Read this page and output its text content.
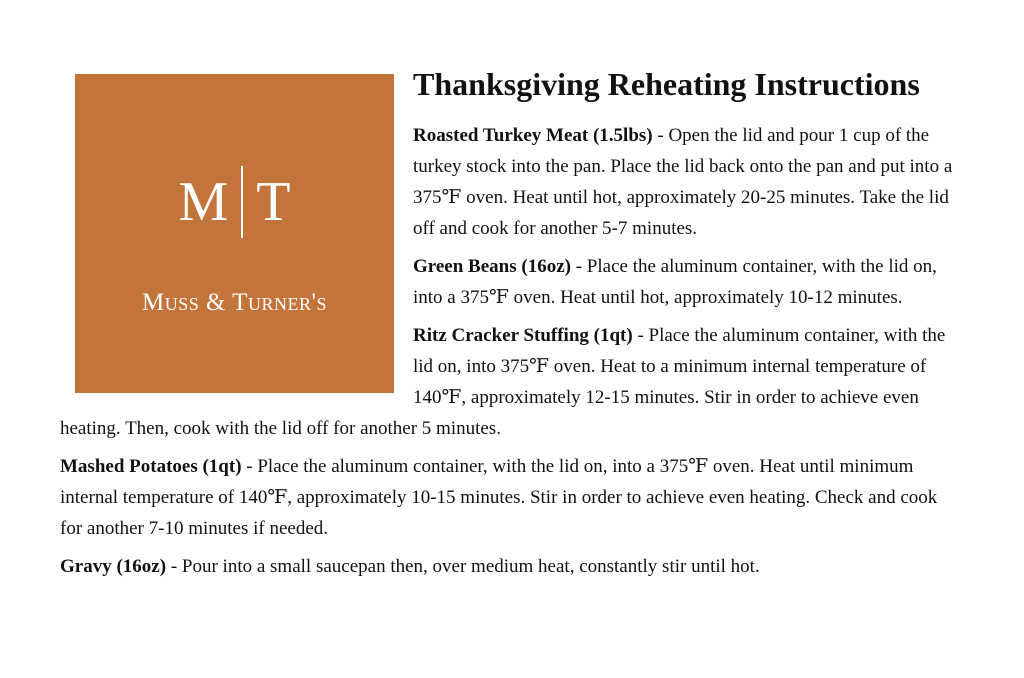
M T
Muss & Turner's
Thanksgiving Reheating Instructions

Roasted Turkey Meat (1.5lbs) - Open the lid and pour 1 cup of the turkey stock into the pan. Place the lid back onto the pan and put into a 375℉ oven. Heat until hot, approximately 20-25 minutes. Take the lid off and cook for another 5-7 minutes.

Green Beans (16oz) - Place the aluminum container, with the lid on, into a 375℉ oven. Heat until hot, approximately 10-12 minutes.

Ritz Cracker Stuffing (1qt) - Place the aluminum container, with the lid on, into 375℉ oven. Heat to a minimum internal temperature of 140℉, approximately 12-15 minutes. Stir in order to achieve even heating. Then, cook with the lid off for another 5 minutes.

Mashed Potatoes (1qt) - Place the aluminum container, with the lid on, into a 375℉ oven. Heat until minimum internal temperature of 140℉, approximately 10-15 minutes. Stir in order to achieve even heating. Check and cook for another 7-10 minutes if needed.

Gravy (16oz) - Pour into a small saucepan then, over medium heat, constantly stir until hot.
